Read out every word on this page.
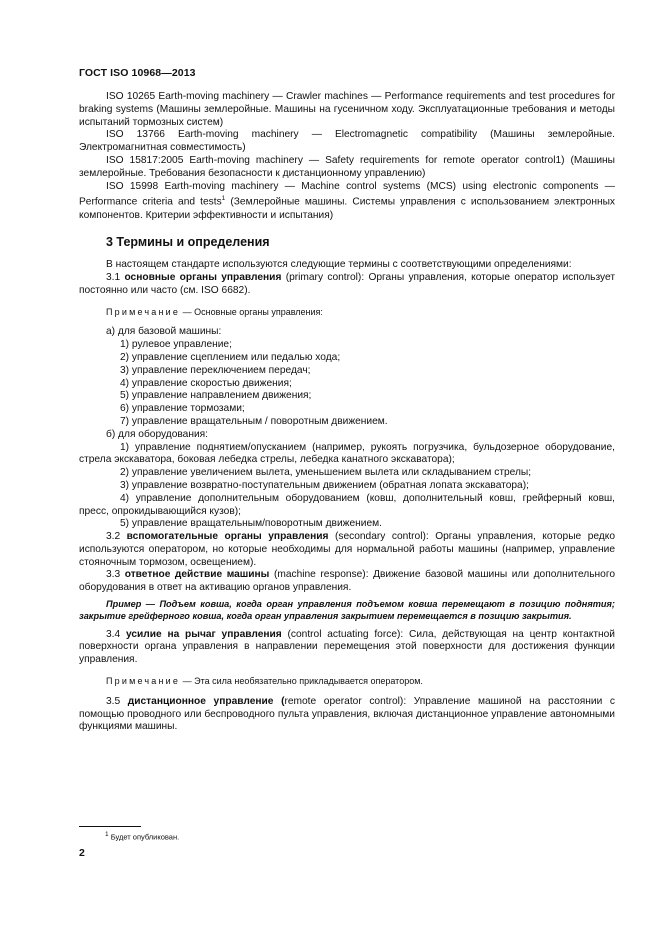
ГОСТ ISO 10968—2013

ISO 10265 Earth-moving machinery — Crawler machines — Performance requirements and test procedures for braking systems (Машины землеройные. Машины на гусеничном ходу. Эксплуатационные требования и методы испытаний тормозных систем)

ISO 13766 Earth-moving machinery — Electromagnetic compatibility (Машины землеройные. Электромагнитная совместимость)

ISO 15817:2005 Earth-moving machinery — Safety requirements for remote operator control1) (Машины землеройные. Требования безопасности к дистанционному управлению)

ISO 15998 Earth-moving machinery — Machine control systems (MCS) using electronic components — Performance criteria and tests$^1$ (Землеройные машины. Системы управления с использованием электронных компонентов. Критерии эффективности и испытания)

3 Термины и определения

В настоящем стандарте используются следующие термины с соответствующими определениями:

3.1 основные органы управления (primary control): Органы управления, которые оператор использует постоянно или часто (см. ISO 6682).

Примечание — Основные органы управления:
а) для базовой машины:
1) рулевое управление;
2) управление сцеплением или педалью хода;
3) управление переключением передач;
4) управление скоростью движения;
5) управление направлением движения;
6) управление тормозами;
7) управление вращательным / поворотным движением.
б) для оборудования:

1) управление поднятием/опусканием (например, рукоять погрузчика, бульдозерное оборудование, стрела экскаватора, боковая лебедка стрелы, лебедка канатного экскаватора);

2) управление увеличением вылета, уменьшением вылета или складыванием стрелы;
3) управление возвратно-поступательным движением (обратная лопата экскаватора);

4) управление дополнительным оборудованием (ковш, дополнительный ковш, грейферный ковш, пресс, опрокидывающийся кузов);

5) управление вращательным/поворотным движением.

3.2 вспомогательные органы управления (secondary control): Органы управления, которые редко используются оператором, но которые необходимы для нормальной работы машины (например, управление стояночным тормозом, освещением).

3.3 ответное действие машины (machine response): Движение базовой машины или дополнительного оборудования в ответ на активацию органов управления.

Пример — Подъем ковша, когда орган управления подъемом ковша перемещают в позицию поднятия; закрытие грейферного ковша, когда орган управления закрытием перемещается в позицию закрытия.

3.4 усилие на рычаг управления (control actuating force): Сила, действующая на центр контактной поверхности органа управления в направлении перемещения этой поверхности для достижения функции управления.

Примечание — Эта сила необязательно прикладывается оператором.

3.5 дистанционное управление (remote operator control): Управление машиной на расстоянии с помощью проводного или беспроводного пульта управления, включая дистанционное управление автономными функциями машины.

$^1$ Будет опубликован.
2
